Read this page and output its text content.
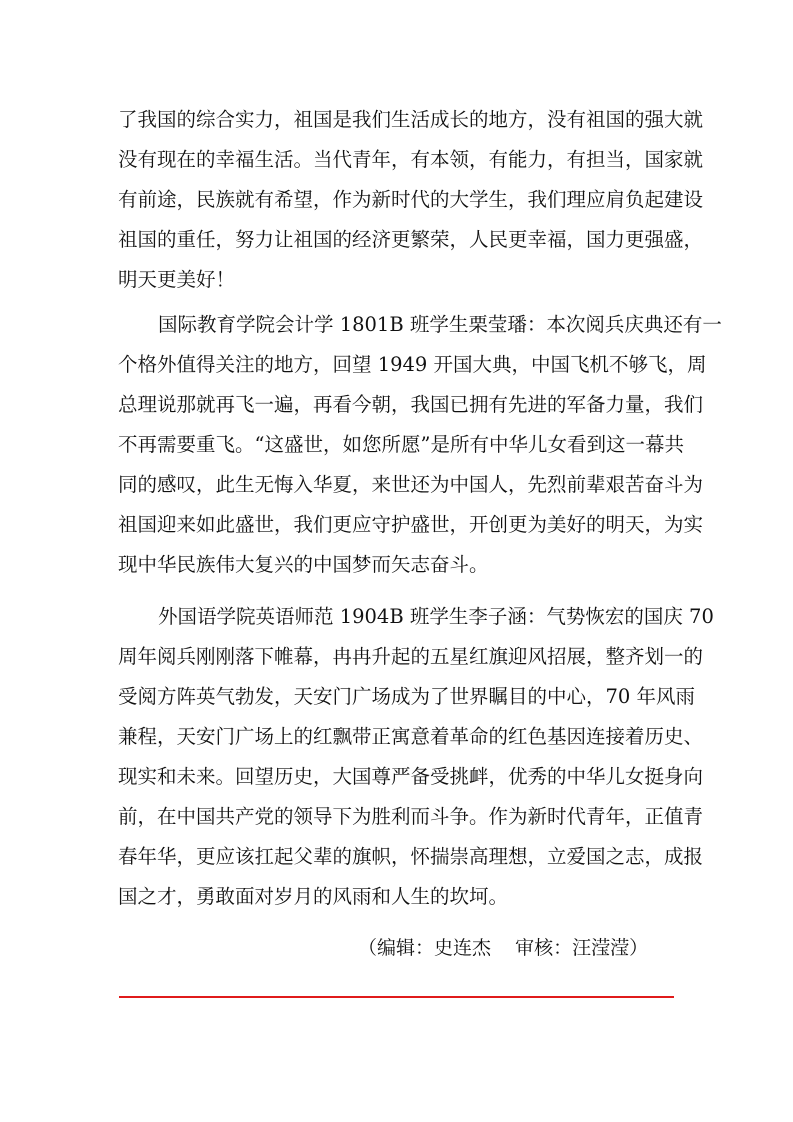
了我国的综合实力，祖国是我们生活成长的地方，没有祖国的强大就
没有现在的幸福生活。当代青年，有本领，有能力，有担当，国家就
有前途，民族就有希望，作为新时代的大学生，我们理应肩负起建设
祖国的重任，努力让祖国的经济更繁荣，人民更幸福，国力更强盛，
明天更美好！
国际教育学院会计学 1801B 班学生栗莹璠：本次阅兵庆典还有一
个格外值得关注的地方，回望 1949 开国大典，中国飞机不够飞，周
总理说那就再飞一遍，再看今朝，我国已拥有先进的军备力量，我们
不再需要重飞。“这盛世，如您所愿”是所有中华儿女看到这一幕共
同的感叹，此生无悔入华夏，来世还为中国人，先烈前辈艰苦奋斗为
祖国迎来如此盛世，我们更应守护盛世，开创更为美好的明天，为实
现中华民族伟大复兴的中国梦而矢志奋斗。
外国语学院英语师范 1904B 班学生李子涵：气势恢宏的国庆 70
周年阅兵刚刚落下帷幕，冉冉升起的五星红旗迎风招展，整齐划一的
受阅方阵英气勃发，天安门广场成为了世界瞩目的中心，70 年风雨
兼程，天安门广场上的红飘带正寓意着革命的红色基因连接着历史、
现实和未来。回望历史，大国尊严备受挑衅，优秀的中华儿女挺身向
前，在中国共产党的领导下为胜利而斗争。作为新时代青年，正值青
春年华，更应该扛起父辈的旗帜，怀揣崇高理想，立爱国之志，成报
国之才，勇敢面对岁月的风雨和人生的坎坷。
（编辑：史连杰    审核：汪滢滢）
